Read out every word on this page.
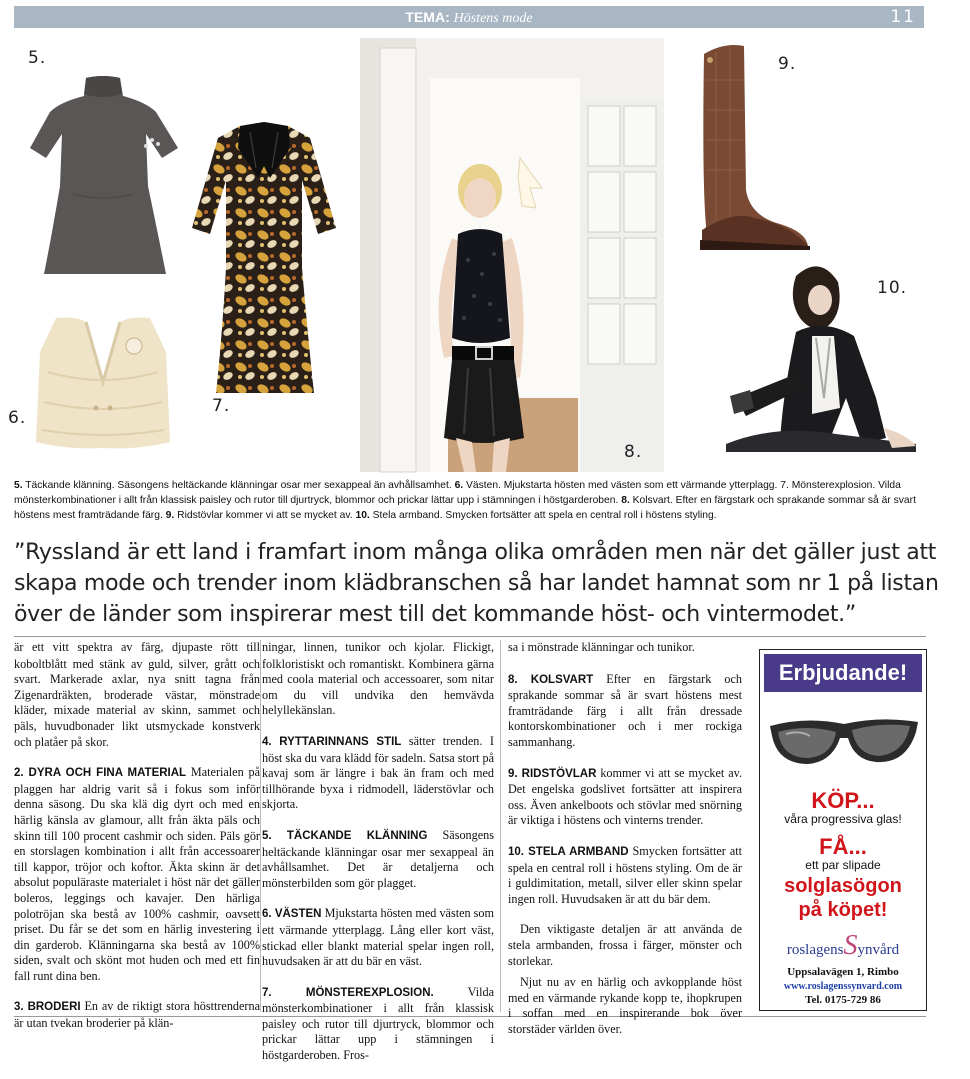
TEMA: Höstens mode	11
5.
7.
6.
8.
9.
10.
5. Täckande klänning. Säsongens heltäckande klänningar osar mer sexappeal än avhållsamhet. 6. Västen. Mjukstarta hösten med västen som ett värmande ytterplagg. 7. Mönsterexplosion. Vilda mönsterkombinationer i allt från klassisk paisley och rutor till djurtryck, blommor och prickar lättar upp i stämningen i höstgarderoben. 8. Kolsvart. Efter en färgstark och sprakande sommar så är svart höstens mest framträdande färg. 9. Ridstövlar kommer vi att se mycket av. 10. Stela armband. Smycken fortsätter att spela en central roll i höstens styling.
”Ryssland är ett land i framfart inom många olika områden men när det gäller just att skapa mode och trender inom klädbranschen så har landet hamnat som nr 1 på listan över de länder som inspirerar mest till det kommande höst- och vintermodet.”

är ett vitt spektra av färg, djupaste rött till koboltblått med stänk av guld, silver, grått och svart. Markerade axlar, nya snitt tagna från Zigenardräkten, broderade västar, mönstrade kläder, mixade material av skinn, sammet och päls, huvudbonader likt utsmyckade konstverk och platåer på skor.

2. DYRA OCH FINA MATERIAL Materialen på plaggen har aldrig varit så i fokus som inför denna säsong. Du ska klä dig dyrt och med en härlig känsla av glamour, allt från äkta päls och skinn till 100 procent cashmir och siden. Päls gör en storslagen kombination i allt från accessoarer till kappor, tröjor och koftor. Äkta skinn är det absolut populäraste materialet i höst när det gäller boleros, leggings och kavajer. Den härliga polotröjan ska bestå av 100% cashmir, oavsett priset. Du får se det som en härlig investering i din garderob. Klänningarna ska bestå av 100% siden, svalt och skönt mot huden och med ett fin fall runt dina ben.

3. BRODERI En av de riktigt stora hösttrenderna är utan tvekan broderier på klän-

ningar, linnen, tunikor och kjolar. Flickigt, folkloristiskt och romantiskt. Kombinera gärna med coola material och accessoarer, som nitar om du vill undvika den hemvävda helyllekänslan.

4. RYTTARINNANS STIL sätter trenden. I höst ska du vara klädd för sadeln. Satsa stort på kavaj som är längre i bak än fram och med tillhörande byxa i ridmodell, läderstövlar och skjorta.

5. TÄCKANDE KLÄNNING Säsongens heltäckande klänningar osar mer sexappeal än avhållsamhet. Det är detaljerna och mönsterbilden som gör plagget.

6. VÄSTEN Mjukstarta hösten med västen som ett värmande ytterplagg. Lång eller kort väst, stickad eller blankt material spelar ingen roll, huvudsaken är att du bär en väst.

7. MÖNSTEREXPLOSION. Vilda mönsterkombinationer i allt från klassisk paisley och rutor till djurtryck, blommor och prickar lättar upp i stämningen i höstgarderoben. Fros-

sa i mönstrade klänningar och tunikor.

8. KOLSVART Efter en färgstark och sprakande sommar så är svart höstens mest framträdande färg i allt från dressade kontorskombinationer och i mer rockiga sammanhang.

9. RIDSTÖVLAR kommer vi att se mycket av. Det engelska godslivet fortsätter att inspirera oss. Även ankelboots och stövlar med snörning är viktiga i höstens och vinterns trender.

10. STELA ARMBAND Smycken fortsätter att spela en central roll i höstens styling. Om de är i guldimitation, metall, silver eller skinn spelar ingen roll. Huvudsaken är att du bär dem.

Den viktigaste detaljen är att använda de stela armbanden, frossa i färger, mönster och storlekar.

Njut nu av en härlig och avkopplande höst med en värmande rykande kopp te, ihopkrupen i soffan med en inspirerande bok över storstäder världen över.

Erbjudande!
KÖP...
våra progressiva glas!
FÅ...
ett par slipade
solglasögon
på köpet!
roslagensSynvård
Uppsalavägen 1, Rimbo
www.roslagenssynvard.com
Tel. 0175-729 86
